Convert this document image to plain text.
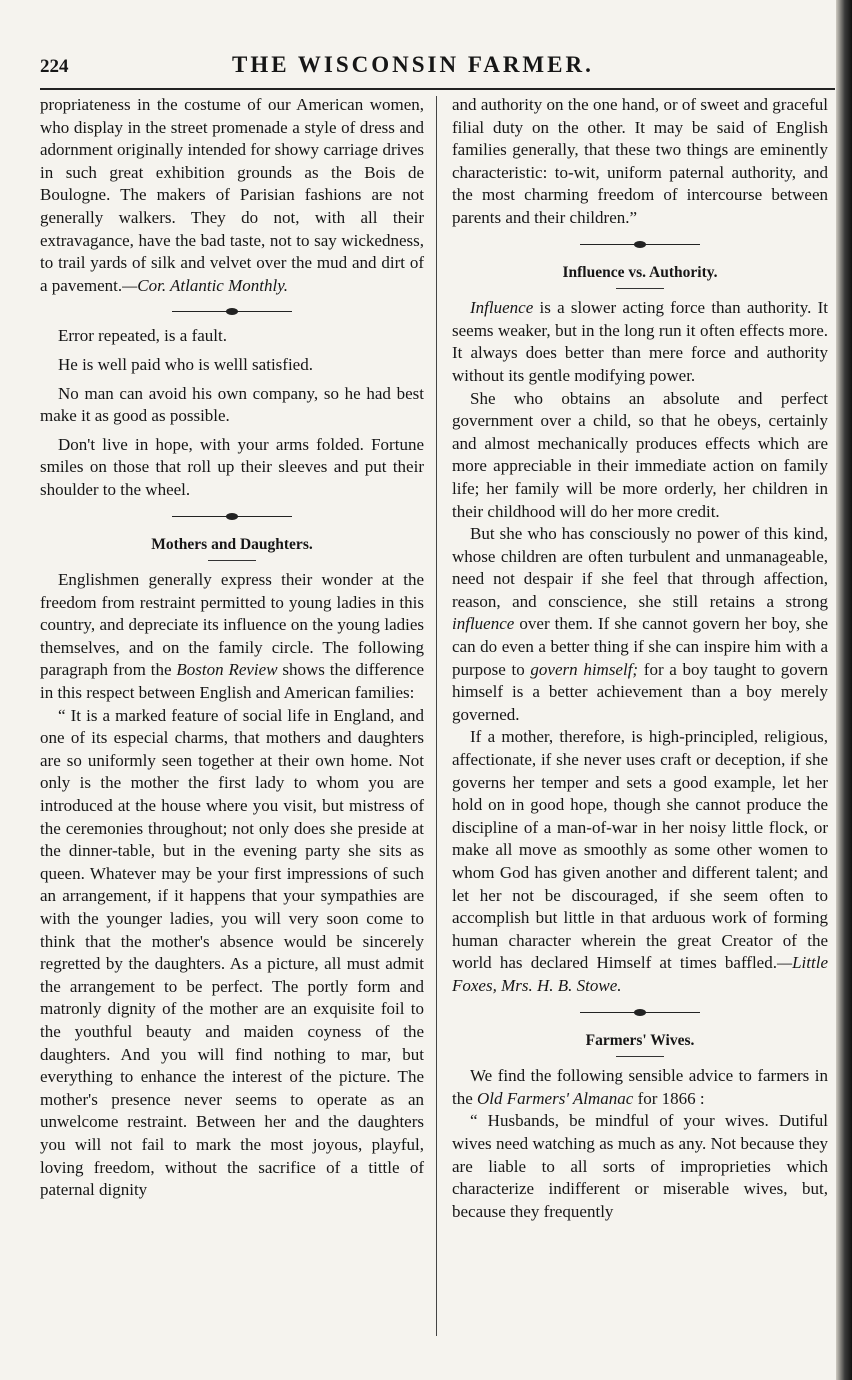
224	THE WISCONSIN FARMER.

propriateness in the costume of our American women, who display in the street promenade a style of dress and adornment originally intended for showy carriage drives in such great exhibition grounds as the Bois de Boulogne. The makers of Parisian fashions are not generally walkers. They do not, with all their extravagance, have the bad taste, not to say wickedness, to trail yards of silk and velvet over the mud and dirt of a pavement.—Cor. Atlantic Monthly.

Error repeated, is a fault.

He is well paid who is welll satisfied.

No man can avoid his own company, so he had best make it as good as possible.

Don't live in hope, with your arms folded. Fortune smiles on those that roll up their sleeves and put their shoulder to the wheel.

Mothers and Daughters.

Englishmen generally express their wonder at the freedom from restraint permitted to young ladies in this country, and depreciate its influence on the young ladies themselves, and on the family circle. The following paragraph from the Boston Review shows the difference in this respect between English and American families:

“ It is a marked feature of social life in England, and one of its especial charms, that mothers and daughters are so uniformly seen together at their own home. Not only is the mother the first lady to whom you are introduced at the house where you visit, but mistress of the ceremonies throughout; not only does she preside at the dinner-table, but in the evening party she sits as queen. Whatever may be your first impressions of such an arrangement, if it happens that your sympathies are with the younger ladies, you will very soon come to think that the mother's absence would be sincerely regretted by the daughters. As a picture, all must admit the arrangement to be perfect. The portly form and matronly dignity of the mother are an exquisite foil to the youthful beauty and maiden coyness of the daughters. And you will find nothing to mar, but everything to enhance the interest of the picture. The mother's presence never seems to operate as an unwelcome restraint. Between her and the daughters you will not fail to mark the most joyous, playful, loving freedom, without the sacrifice of a tittle of paternal dignity

and authority on the one hand, or of sweet and graceful filial duty on the other. It may be said of English families generally, that these two things are eminently characteristic: to-wit, uniform paternal authority, and the most charming freedom of intercourse between parents and their children.”

Influence vs. Authority.

Influence is a slower acting force than authority. It seems weaker, but in the long run it often effects more. It always does better than mere force and authority without its gentle modifying power.

She who obtains an absolute and perfect government over a child, so that he obeys, certainly and almost mechanically produces effects which are more appreciable in their immediate action on family life; her family will be more orderly, her children in their childhood will do her more credit.

But she who has consciously no power of this kind, whose children are often turbulent and unmanageable, need not despair if she feel that through affection, reason, and conscience, she still retains a strong influence over them. If she cannot govern her boy, she can do even a better thing if she can inspire him with a purpose to govern himself; for a boy taught to govern himself is a better achievement than a boy merely governed.

If a mother, therefore, is high-principled, religious, affectionate, if she never uses craft or deception, if she governs her temper and sets a good example, let her hold on in good hope, though she cannot produce the discipline of a man-of-war in her noisy little flock, or make all move as smoothly as some other women to whom God has given another and different talent; and let her not be discouraged, if she seem often to accomplish but little in that arduous work of forming human character wherein the great Creator of the world has declared Himself at times baffled.—Little Foxes, Mrs. H. B. Stowe.

Farmers' Wives.

We find the following sensible advice to farmers in the Old Farmers' Almanac for 1866 :

“ Husbands, be mindful of your wives. Dutiful wives need watching as much as any. Not because they are liable to all sorts of improprieties which characterize indifferent or miserable wives, but, because they frequently
